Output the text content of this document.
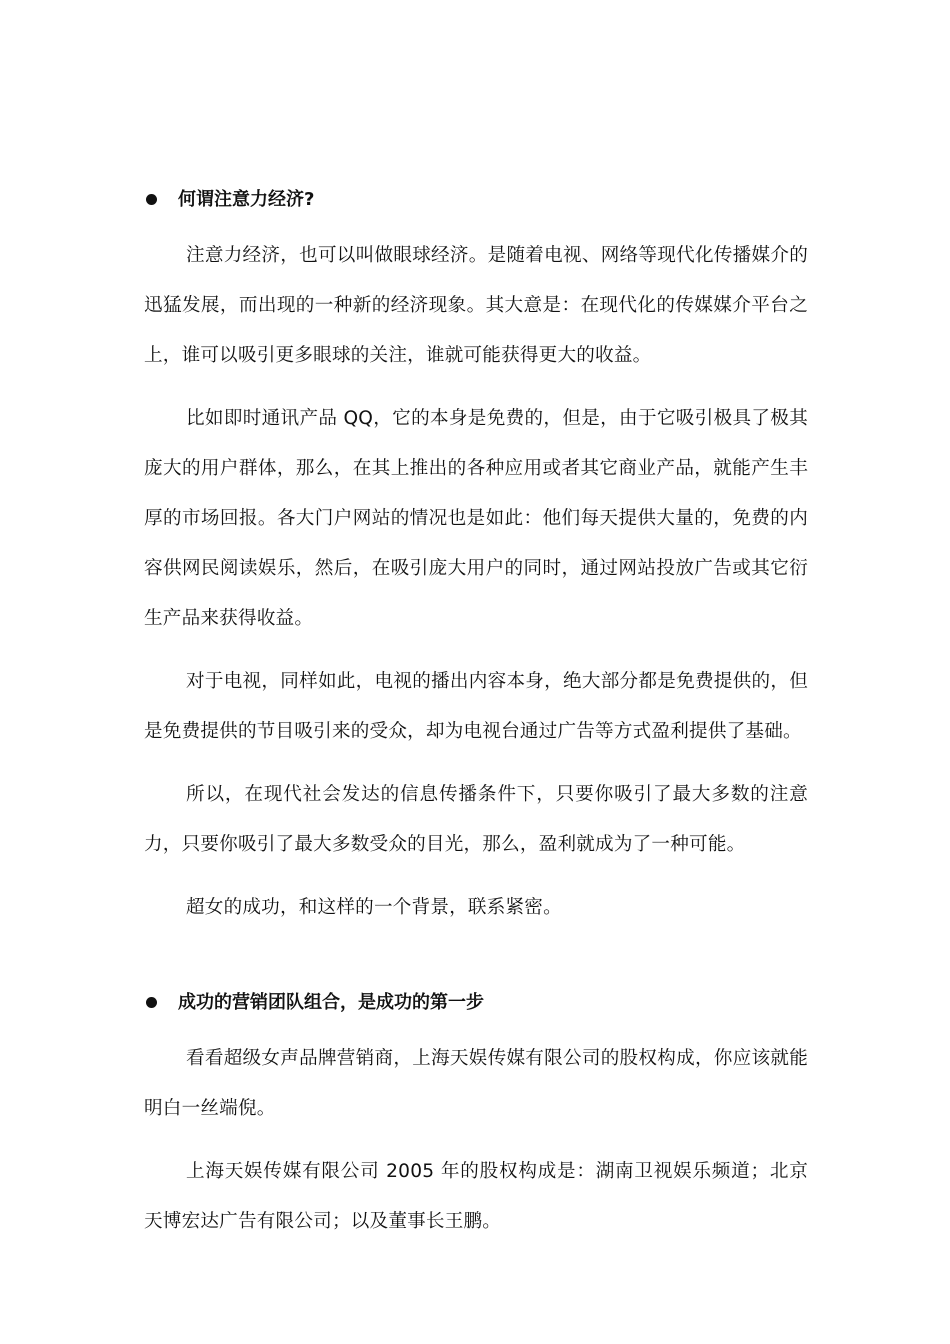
何谓注意力经济?

注意力经济，也可以叫做眼球经济。是随着电视、网络等现代化传播媒介的迅猛发展，而出现的一种新的经济现象。其大意是：在现代化的传媒媒介平台之上，谁可以吸引更多眼球的关注，谁就可能获得更大的收益。

比如即时通讯产品 QQ，它的本身是免费的，但是，由于它吸引极具了极其庞大的用户群体，那么，在其上推出的各种应用或者其它商业产品，就能产生丰厚的市场回报。各大门户网站的情况也是如此：他们每天提供大量的，免费的内容供网民阅读娱乐，然后，在吸引庞大用户的同时，通过网站投放广告或其它衍生产品来获得收益。

对于电视，同样如此，电视的播出内容本身，绝大部分都是免费提供的，但是免费提供的节目吸引来的受众，却为电视台通过广告等方式盈利提供了基础。

所以，在现代社会发达的信息传播条件下，只要你吸引了最大多数的注意力，只要你吸引了最大多数受众的目光，那么，盈利就成为了一种可能。

超女的成功，和这样的一个背景，联系紧密。

成功的营销团队组合，是成功的第一步

看看超级女声品牌营销商，上海天娱传媒有限公司的股权构成，你应该就能明白一丝端倪。

上海天娱传媒有限公司 2005 年的股权构成是：湖南卫视娱乐频道；北京天博宏达广告有限公司；以及董事长王鹏。
